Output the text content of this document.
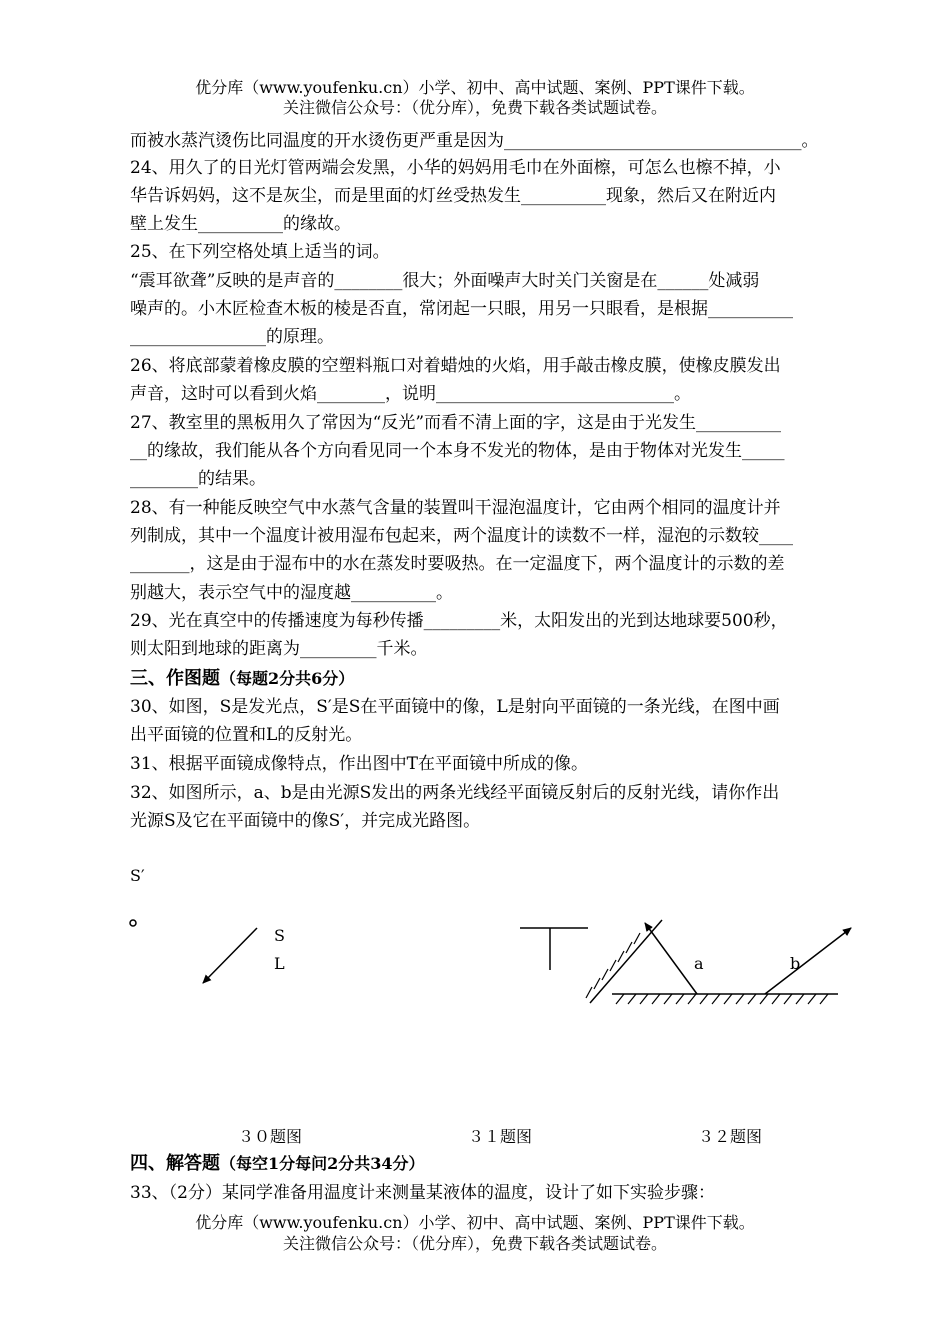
优分库（www.youfenku.cn）小学、初中、高中试题、案例、PPT课件下载。
关注微信公众号：（优分库），免费下载各类试题试卷。
而被水蒸汽烫伤比同温度的开水烫伤更严重是因为___________________________________。
24、用久了的日光灯管两端会发黑，小华的妈妈用毛巾在外面檫，可怎么也檫不掉，小
华告诉妈妈，这不是灰尘，而是里面的灯丝受热发生__________现象，然后又在附近内
壁上发生__________的缘故。
25、在下列空格处填上适当的词。
“震耳欲聋”反映的是声音的________很大；外面噪声大时关门关窗是在______处减弱
噪声的。小木匠检查木板的棱是否直，常闭起一只眼，用另一只眼看，是根据__________
________________的原理。
26、将底部蒙着橡皮膜的空塑料瓶口对着蜡烛的火焰，用手敲击橡皮膜，使橡皮膜发出
声音，这时可以看到火焰________，说明____________________________。
27、教室里的黑板用久了常因为“反光”而看不清上面的字，这是由于光发生__________
__的缘故，我们能从各个方向看见同一个本身不发光的物体，是由于物体对光发生_____
________的结果。
28、有一种能反映空气中水蒸气含量的装置叫干湿泡温度计，它由两个相同的温度计并
列制成，其中一个温度计被用湿布包起来，两个温度计的读数不一样，湿泡的示数较____
_______，这是由于湿布中的水在蒸发时要吸热。在一定温度下，两个温度计的示数的差
别越大，表示空气中的湿度越__________。
29、光在真空中的传播速度为每秒传播_________米，太阳发出的光到达地球要500秒，
则太阳到地球的距离为_________千米。
三、作图题（每题2分共6分）
30、如图，S是发光点，S′是S在平面镜中的像，L是射向平面镜的一条光线，在图中画
出平面镜的位置和L的反射光。
31、根据平面镜成像特点，作出图中T在平面镜中所成的像。
32、如图所示，a、b是由光源S发出的两条光线经平面镜反射后的反射光线，请你作出
光源S及它在平面镜中的像S′，并完成光路图。
S′
S
L	a	b
３０题图	３１题图	３２题图
四、解答题（每空1分每问2分共34分）
33、（2分）某同学准备用温度计来测量某液体的温度，设计了如下实验步骤：
优分库（www.youfenku.cn）小学、初中、高中试题、案例、PPT课件下载。
关注微信公众号：（优分库），免费下载各类试题试卷。
